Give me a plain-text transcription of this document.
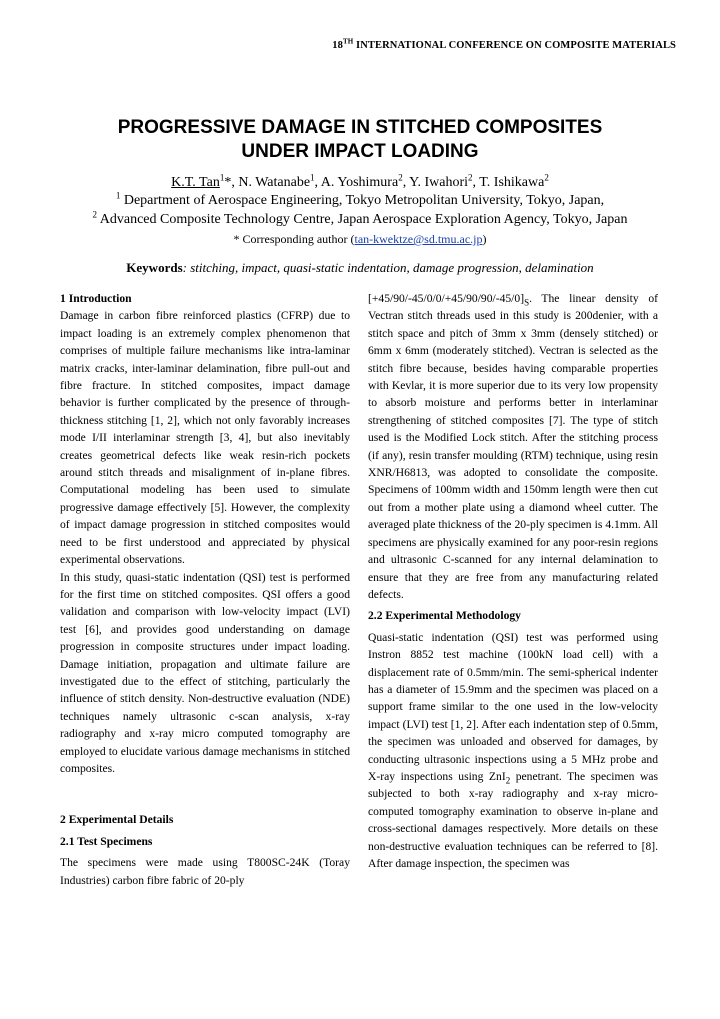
18TH INTERNATIONAL CONFERENCE ON COMPOSITE MATERIALS
PROGRESSIVE DAMAGE IN STITCHED COMPOSITES
UNDER IMPACT LOADING
K.T. Tan$^1$*, N. Watanabe$^1$, A. Yoshimura$^2$, Y. Iwahori$^2$, T. Ishikawa$^2$
$^1$ Department of Aerospace Engineering, Tokyo Metropolitan University, Tokyo, Japan,
$^2$ Advanced Composite Technology Centre, Japan Aerospace Exploration Agency, Tokyo, Japan
* Corresponding author (tan-kwektze@sd.tmu.ac.jp)
Keywords: stitching, impact, quasi-static indentation, damage progression, delamination
1 Introduction

Damage in carbon fibre reinforced plastics (CFRP) due to impact loading is an extremely complex phenomenon that comprises of multiple failure mechanisms like intra-laminar matrix cracks, inter-laminar delamination, fibre pull-out and fibre fracture. In stitched composites, impact damage behavior is further complicated by the presence of through-thickness stitching [1, 2], which not only favorably increases mode I/II interlaminar strength [3, 4], but also inevitably creates geometrical defects like weak resin-rich pockets around stitch threads and misalignment of in-plane fibres. Computational modeling has been used to simulate progressive damage effectively [5]. However, the complexity of impact damage progression in stitched composites would need to be first understood and appreciated by physical experimental observations.

In this study, quasi-static indentation (QSI) test is performed for the first time on stitched composites. QSI offers a good validation and comparison with low-velocity impact (LVI) test [6], and provides good understanding on damage progression in composite structures under impact loading. Damage initiation, propagation and ultimate failure are investigated due to the effect of stitching, particularly the influence of stitch density. Non-destructive evaluation (NDE) techniques namely ultrasonic c-scan analysis, x-ray radiography and x-ray micro computed tomography are employed to elucidate various damage mechanisms in stitched composites.

2 Experimental Details
2.1 Test Specimens

The specimens were made using T800SC-24K (Toray Industries) carbon fibre fabric of 20-ply

$[+45/90/-45/0/0/+45/90/90/-45/0]_S$. The linear density of Vectran stitch threads used in this study is 200denier, with a stitch space and pitch of 3mm x 3mm (densely stitched) or 6mm x 6mm (moderately stitched). Vectran is selected as the stitch fibre because, besides having comparable properties with Kevlar, it is more superior due to its very low propensity to absorb moisture and performs better in interlaminar strengthening of stitched composites [7]. The type of stitch used is the Modified Lock stitch. After the stitching process (if any), resin transfer moulding (RTM) technique, using resin XNR/H6813, was adopted to consolidate the composite. Specimens of 100mm width and 150mm length were then cut out from a mother plate using a diamond wheel cutter. The averaged plate thickness of the 20-ply specimen is 4.1mm. All specimens are physically examined for any poor-resin regions and ultrasonic C-scanned for any internal delamination to ensure that they are free from any manufacturing related defects.

2.2 Experimental Methodology

Quasi-static indentation (QSI) test was performed using Instron 8852 test machine (100kN load cell) with a displacement rate of 0.5mm/min. The semi-spherical indenter has a diameter of 15.9mm and the specimen was placed on a support frame similar to the one used in the low-velocity impact (LVI) test [1, 2]. After each indentation step of 0.5mm, the specimen was unloaded and observed for damages, by conducting ultrasonic inspections using a 5 MHz probe and X-ray inspections using ZnI$_2$ penetrant. The specimen was subjected to both x-ray radiography and x-ray micro-computed tomography examination to observe in-plane and cross-sectional damages respectively. More details on these non-destructive evaluation techniques can be referred to [8]. After damage inspection, the specimen was
